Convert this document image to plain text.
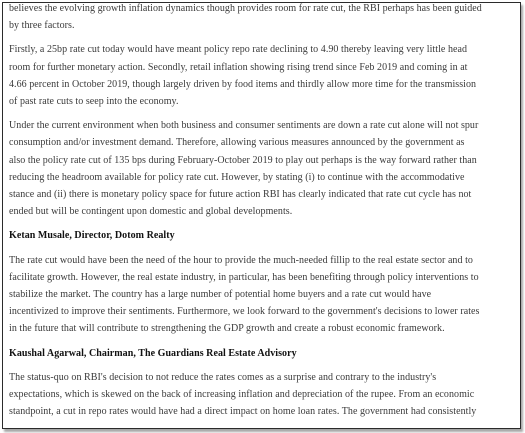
believes the evolving growth inflation dynamics though provides room for rate cut, the RBI perhaps has been guided
by three factors.

Firstly, a 25bp rate cut today would have meant policy repo rate declining to 4.90 thereby leaving very little head
room for further monetary action. Secondly, retail inflation showing rising trend since Feb 2019 and coming in at
4.66 percent in October 2019, though largely driven by food items and thirdly allow more time for the transmission
of past rate cuts to seep into the economy.

Under the current environment when both business and consumer sentiments are down a rate cut alone will not spur
consumption and/or investment demand. Therefore, allowing various measures announced by the government as
also the policy rate cut of 135 bps during February-October 2019 to play out perhaps is the way forward rather than
reducing the headroom available for policy rate cut. However, by stating (i) to continue with the accommodative
stance and (ii) there is monetary policy space for future action RBI has clearly indicated that rate cut cycle has not
ended but will be contingent upon domestic and global developments.

Ketan Musale, Director, Dotom Realty

The rate cut would have been the need of the hour to provide the much-needed fillip to the real estate sector and to
facilitate growth. However, the real estate industry, in particular, has been benefiting through policy interventions to
stabilize the market. The country has a large number of potential home buyers and a rate cut would have
incentivized to improve their sentiments. Furthermore, we look forward to the government's decisions to lower rates
in the future that will contribute to strengthening the GDP growth and create a robust economic framework.

Kaushal Agarwal, Chairman, The Guardians Real Estate Advisory

The status-quo on RBI's decision to not reduce the rates comes as a surprise and contrary to the industry's
expectations, which is skewed on the back of increasing inflation and depreciation of the rupee. From an economic
standpoint, a cut in repo rates would have had a direct impact on home loan rates. The government had consistently
